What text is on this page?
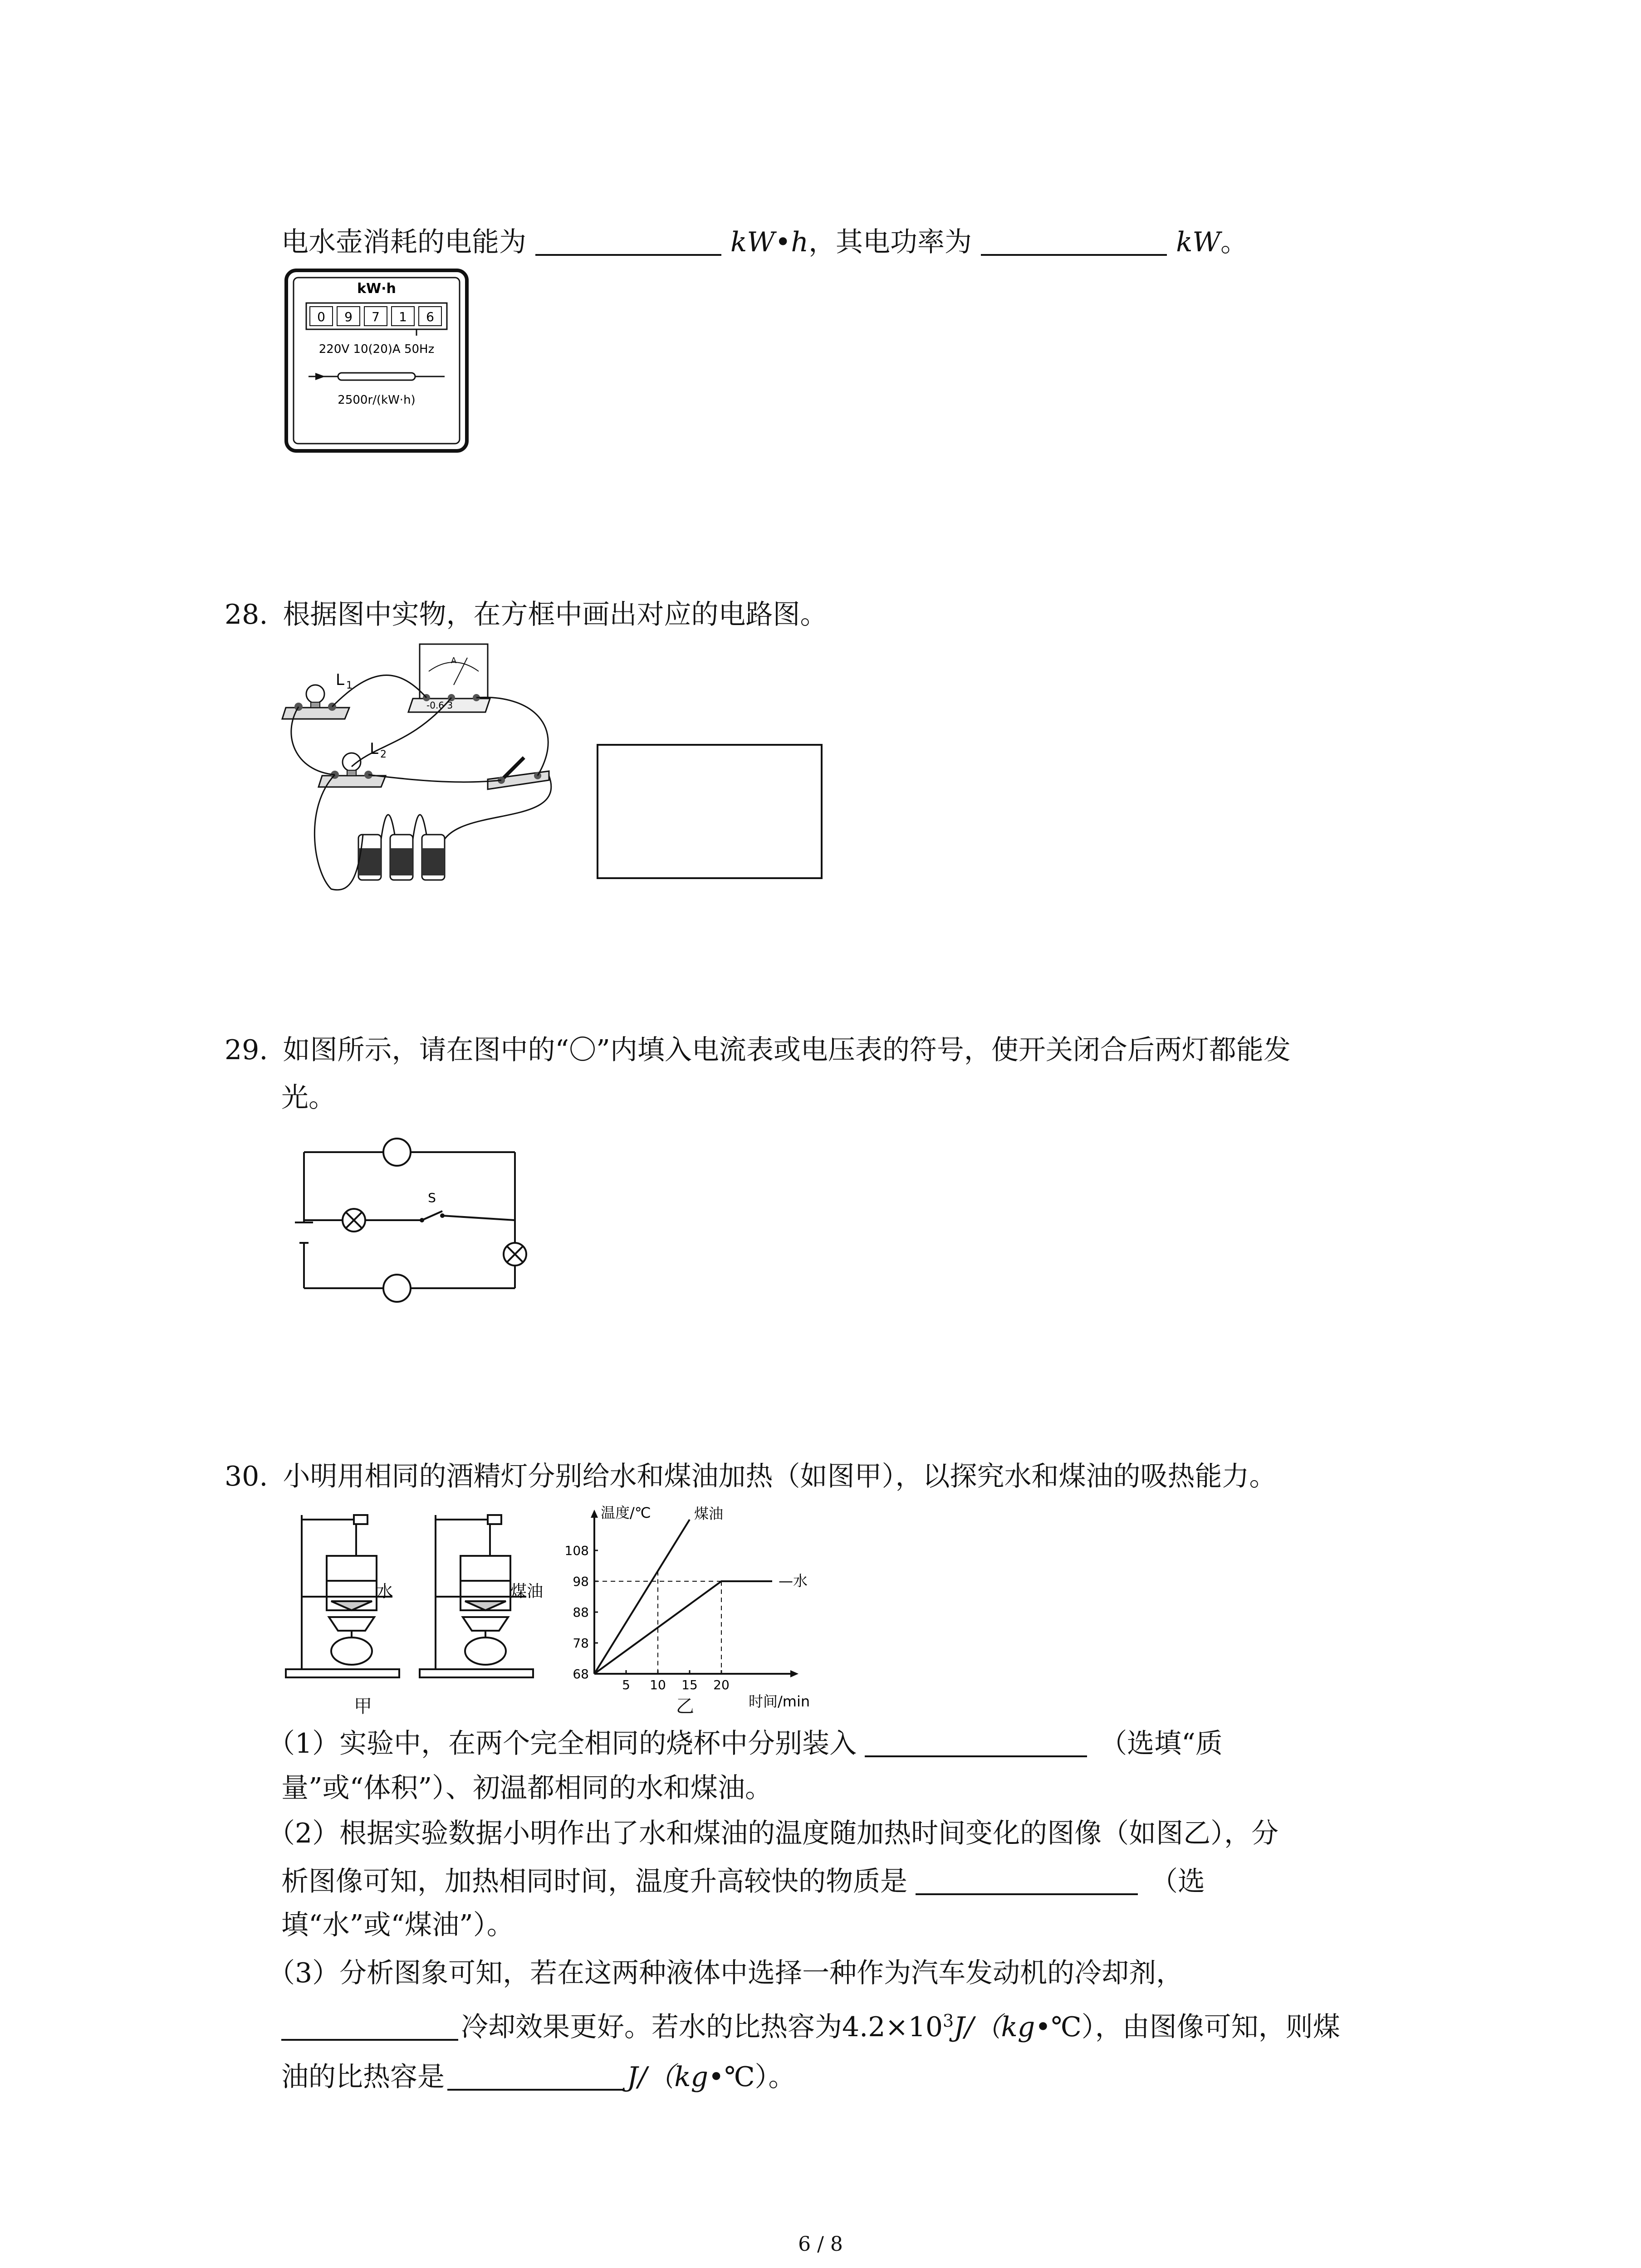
电水壶消耗的电能为	kW•h，其电功率为	kW。
kW·h
0 9 7 1 6
220V 10(20)A 50Hz
2500r/(kW·h)
28. 根据图中实物，在方框中画出对应的电路图。
L 1
A
-0.6 3
L 2
29. 如图所示，请在图中的“〇”内填入电流表或电压表的符号，使开关闭合后两灯都能发
光。
S
30. 小明用相同的酒精灯分别给水和煤油加热（如图甲），以探究水和煤油的吸热能力。
水	煤油
甲
5 10 15 20
68
78
88
98
108
温度/℃
时间/min
煤油
—水
乙
（1）实验中，在两个完全相同的烧杯中分别装入	（选填“质
量”或“体积”）、初温都相同的水和煤油。
（2）根据实验数据小明作出了水和煤油的温度随加热时间变化的图像（如图乙），分
析图像可知，加热相同时间，温度升高较快的物质是	（选
填“水”或“煤油”）。
（3）分析图象可知，若在这两种液体中选择一种作为汽车发动机的冷却剂，
冷却效果更好。若水的比热容为$4.2\times 10^3J/(kg•℃)$，由图像可知，则煤
油的比热容是	J/（kg•℃）。
6 / 8
